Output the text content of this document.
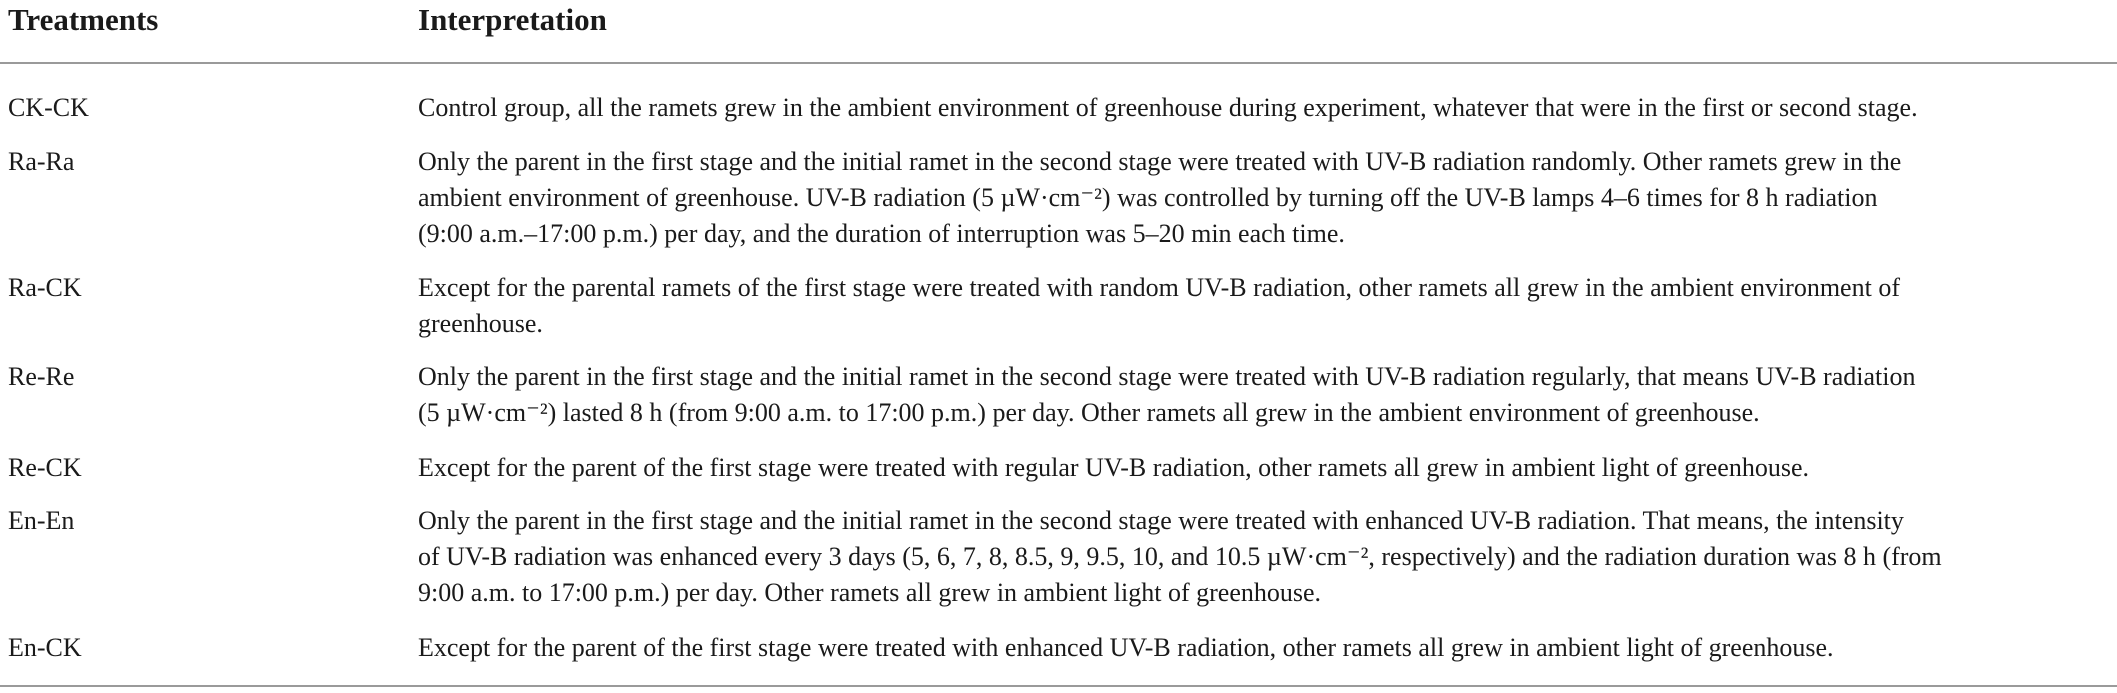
Treatments	Interpretation
CK-CK	Control group, all the ramets grew in the ambient environment of greenhouse during experiment, whatever that were in the first or second stage.
Ra-Ra	Only the parent in the first stage and the initial ramet in the second stage were treated with UV-B radiation randomly. Other ramets grew in the
ambient environment of greenhouse. UV-B radiation (5 µW·cm⁻²) was controlled by turning off the UV-B lamps 4–6 times for 8 h radiation
(9:00 a.m.–17:00 p.m.) per day, and the duration of interruption was 5–20 min each time.
Ra-CK	Except for the parental ramets of the first stage were treated with random UV-B radiation, other ramets all grew in the ambient environment of
greenhouse.
Re-Re	Only the parent in the first stage and the initial ramet in the second stage were treated with UV-B radiation regularly, that means UV-B radiation
(5 µW·cm⁻²) lasted 8 h (from 9:00 a.m. to 17:00 p.m.) per day. Other ramets all grew in the ambient environment of greenhouse.
Re-CK	Except for the parent of the first stage were treated with regular UV-B radiation, other ramets all grew in ambient light of greenhouse.
En-En	Only the parent in the first stage and the initial ramet in the second stage were treated with enhanced UV-B radiation. That means, the intensity
of UV-B radiation was enhanced every 3 days (5, 6, 7, 8, 8.5, 9, 9.5, 10, and 10.5 µW·cm⁻², respectively) and the radiation duration was 8 h (from
9:00 a.m. to 17:00 p.m.) per day. Other ramets all grew in ambient light of greenhouse.
En-CK	Except for the parent of the first stage were treated with enhanced UV-B radiation, other ramets all grew in ambient light of greenhouse.
